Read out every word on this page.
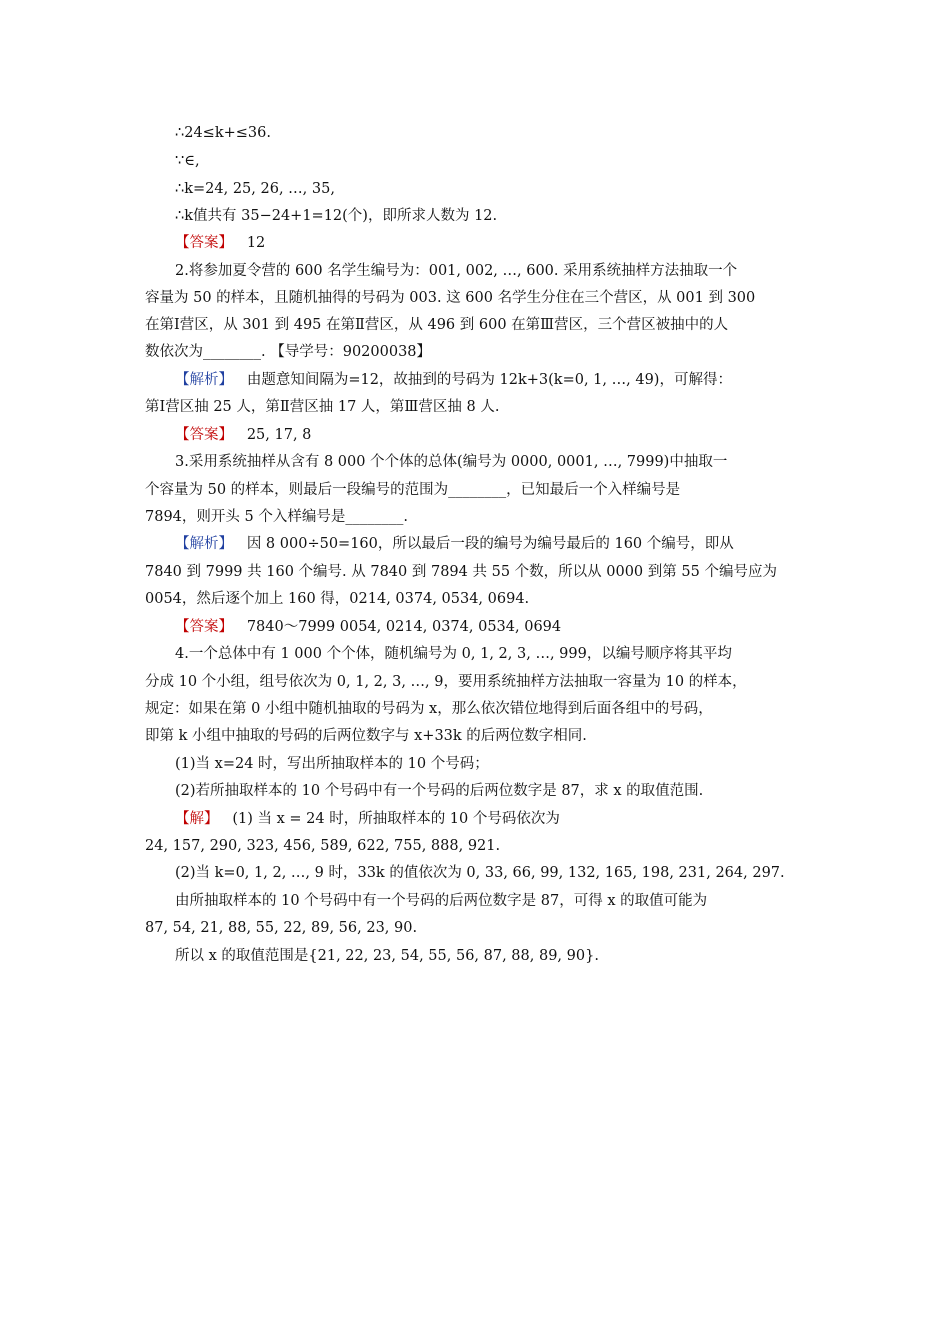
∴24≤k+≤36.
∵∈,
∴k=24, 25, 26, …, 35,
∴k值共有 35−24+1=12(个)，即所求人数为 12.
【答案】 12
2.将参加夏令营的 600 名学生编号为：001, 002, …, 600. 采用系统抽样方法抽取一个
容量为 50 的样本，且随机抽得的号码为 003. 这 600 名学生分住在三个营区，从 001 到 300
在第Ⅰ营区，从 301 到 495 在第Ⅱ营区，从 496 到 600 在第Ⅲ营区，三个营区被抽中的人
数依次为________. 【导学号：90200038】
【解析】 由题意知间隔为=12，故抽到的号码为 12k+3(k=0, 1, …, 49)，可解得：
第Ⅰ营区抽 25 人，第Ⅱ营区抽 17 人，第Ⅲ营区抽 8 人.
【答案】 25, 17, 8
3.采用系统抽样从含有 8 000 个个体的总体(编号为 0000, 0001, …, 7999)中抽取一
个容量为 50 的样本，则最后一段编号的范围为________，已知最后一个入样编号是
7894，则开头 5 个入样编号是________.
【解析】 因 8 000÷50=160，所以最后一段的编号为编号最后的 160 个编号，即从
7840 到 7999 共 160 个编号. 从 7840 到 7894 共 55 个数，所以从 0000 到第 55 个编号应为
0054，然后逐个加上 160 得，0214, 0374, 0534, 0694.
【答案】 7840～7999 0054, 0214, 0374, 0534, 0694
4.一个总体中有 1 000 个个体，随机编号为 0, 1, 2, 3, …, 999，以编号顺序将其平均
分成 10 个小组，组号依次为 0, 1, 2, 3, …, 9，要用系统抽样方法抽取一容量为 10 的样本，
规定：如果在第 0 小组中随机抽取的号码为 x，那么依次错位地得到后面各组中的号码，
即第 k 小组中抽取的号码的后两位数字与 x+33k 的后两位数字相同.
(1)当 x=24 时，写出所抽取样本的 10 个号码；
(2)若所抽取样本的 10 个号码中有一个号码的后两位数字是 87，求 x 的取值范围.
【解】 (1) 当 x = 24 时，所抽取样本的 10 个号码依次为
24, 157, 290, 323, 456, 589, 622, 755, 888, 921.
(2)当 k=0, 1, 2, …, 9 时，33k 的值依次为 0, 33, 66, 99, 132, 165, 198, 231, 264, 297.
由所抽取样本的 10 个号码中有一个号码的后两位数字是 87，可得 x 的取值可能为
87, 54, 21, 88, 55, 22, 89, 56, 23, 90.
所以 x 的取值范围是{21, 22, 23, 54, 55, 56, 87, 88, 89, 90}.
